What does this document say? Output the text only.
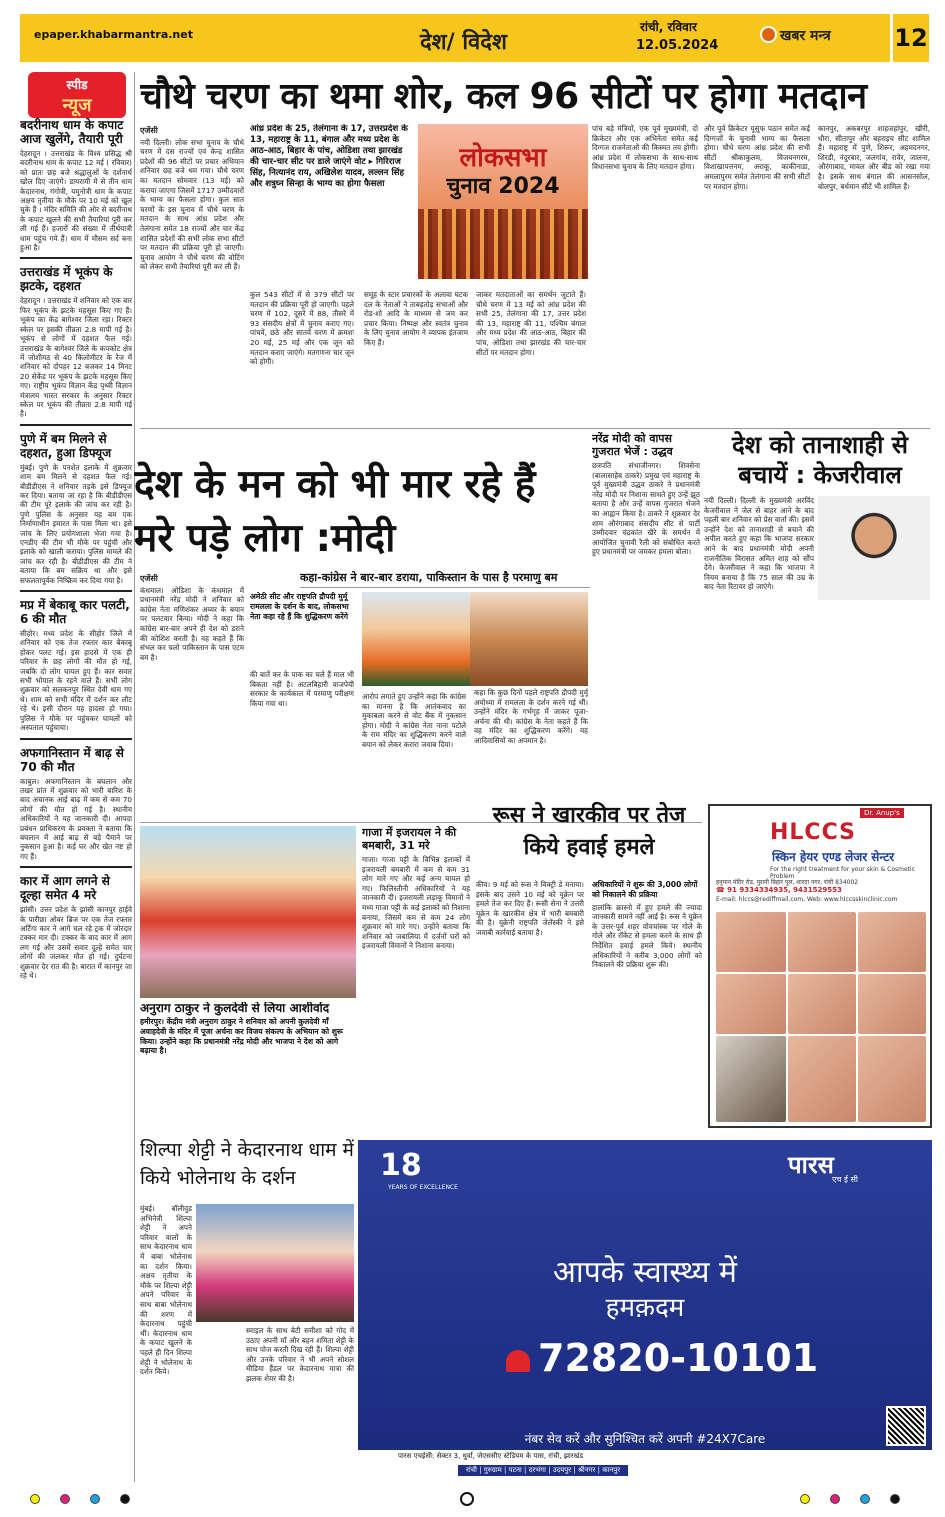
epaper.khabarmantra.net	देश/ विदेश
रांची, रविवार
12.05.2024
खबर मन्त्र	12
स्पीड
न्यूज
बदरीनाथ धाम के कपाट आज खुलेंगे, तैयारी पूरी
देहरादून । उत्तराखंड के विश्व प्रसिद्ध श्री बदरीनाथ धाम के कपाट 12 मई ( रविवार) को प्रातः छह बजे श्रद्धालुओं के दर्शनार्थ खोल दिए जाएंगे। डायरामी मे से तीन धाम केदारनाथ, गंगोत्री, यमुनोत्री धाम के कपाट अक्षय तृतीया के मौके पर 10 मई को खुल चुके हैं । मंदिर समिति की ओर से बदरीनाथ के कपाट खुलने की सभी तैयारियां पूरी कर ली गई हैं। हजारों की संख्या में तीर्थयात्री धाम पहुंच गये हैं। धाम में मौसम सर्द बना हुआ है।
उत्तराखंड में भूकंप के झटके, दहशत
देहरादून । उत्तराखंड में शनिवार को एक बार फिर भूकंप के झटके महसूस किए गए हैं। भूकंप का केंद्र बागेश्वर जिला रहा। रिक्टर स्केल पर इसकी तीव्रता 2.8 मापी गई है। भूकंप से लोगों में दहशत फैल गई। उत्तराखंड के बागेश्वर जिले के कपकोट क्षेत्र में जोशीमठ से 40 किलोमीटर के रेंज में शनिवार को दोपहर 12 बजकर 14 मिनट 20 सेकेंड पर भूकंप के झटके महसूस किए गए। राष्ट्रीय भूकंप विज्ञान केंद्र पृथ्वी विज्ञान मंत्रालय भारत सरकार के अनुसार रिक्टर स्केल पर भूकंप की तीव्रता 2.8 मापी गई है।
पुणे में बम मिलने से दहशत, हुआ डिफ्यूज
मुंबई। पुणे के पनशेत इलाके में शुक्रवार शाम बम मिलने से दहशत फैल गई। बीडीडीएस ने शनिवार तड़के इसे डिफ्यूज कर दिया। बताया जा रहा है कि बीडीडीएस की टीम पूरे इलाके की जांच कर रही है। पुणे पुलिस के अनुसार यह बम एक निर्माणाधीन इमारत के पास मिला था। इसे जांच के लिए प्रयोगशाला भेजा गया है। एनडीए की टीम भी मौके पर पहुंची और इलाके को खाली कराया। पुलिस मामले की जांच कर रही है। बीडीडीएस की टीम ने बताया कि बम सक्रिय था और इसे सफलतापूर्वक निष्क्रिय कर दिया गया है।
मप्र में बेकाबू कार पलटी, 6 की मौत
सीहोर। मध्य प्रदेश के सीहोर जिले में शनिवार को एक तेज रफ्तार कार बेकाबू होकर पलट गई। इस हादसे में एक ही परिवार के छह लोगों की मौत हो गई, जबकि दो लोग घायल हुए हैं। कार सवार सभी भोपाल के रहने वाले हैं। सभी लोग शुक्रवार को सलकनपुर स्थित देवी धाम गए थे। शाम को सभी मंदिर में दर्शन कर लौट रहे थे। इसी दौरान यह हादसा हो गया। पुलिस ने मौके पर पहुंचकर घायलों को अस्पताल पहुंचाया।
अफगानिस्तान में बाढ़ से 70 की मौत
काबुल। अफगानिस्तान के बघलान और तखर प्रांत में शुक्रवार को भारी बारिश के बाद अचानक आई बाढ़ में कम से कम 70 लोगों की मौत हो गई है। स्थानीय अधिकारियों ने यह जानकारी दी। आपदा प्रबंधन प्राधिकरण के प्रवक्ता ने बताया कि बघलान में आई बाढ़ से बड़े पैमाने पर नुकसान हुआ है। कई घर और खेत नष्ट हो गए हैं।
कार में आग लगने से दूल्हा समेत 4 मरे
झांसी। उत्तर प्रदेश के झांसी कानपुर हाईवे के पारीछा ओवर ब्रिज पर एक तेज रफ्तार अर्टिगा कार ने आगे चल रहे ट्रक में जोरदार टक्कर मार दी। टक्कर के बाद कार में आग लग गई और उसमें सवार दूल्हे समेत चार लोगों की जलकर मौत हो गई। दुर्घटना शुक्रवार देर रात की है। बारात में कानपुर जा रहे थे।
चौथे चरण का थमा शोर, कल 96 सीटों पर होगा मतदान

एजेंसी

नयी दिल्ली। लोक सभा चुनाव के चौथे चरण में दस राज्यों एवं केन्द्र शासित प्रदेशों की 96 सीटों पर प्रचार अभियान शनिवार छह बजे थम गया। चौथे चरण का मतदान सोमवार (13 मई) को कराया जाएगा जिसमें 1717 उम्मीदवारों के भाग्य का फैसला होगा। कुल सात चरणों के इस चुनाव में चौथे चरण के मतदान के साथ आंध्र प्रदेश और तेलंगाना समेत 18 राज्यों और चार केंद्र शासित प्रदेशों की सभी लोक सभा सीटों पर मतदान की प्रक्रिया पूरी हो जाएगी। चुनाव आयोग ने चौथे चरण की वोटिंग को लेकर सभी तैयारियां पूरी कर ली हैं।

आंध्र प्रदेश के 25, तेलंगाना के 17, उत्तरप्रदेश के 13, महाराष्ट्र के 11, बंगाल और मध्य प्रदेश के आठ-आठ, बिहार के पांच, ओडिशा तथा झारखंड की चार-चार सीट पर डाले जाएंगे वोट ▸ गिरिराज सिंह, नित्यानंद राय, अखिलेश यादव, लल्लन सिंह और शत्रुघ्न सिन्हा के भाग्य का होगा फैसला
लोकसभा
चुनाव 2024
कुल 543 सीटों में से 379 सीटों पर मतदान की प्रक्रिया पूरी हो जाएगी। पहले चरण में 102, दूसरे में 88, तीसरे में 93 संसदीय क्षेत्रों में चुनाव कराए गए। पांचवें, छठे और सातवें चरण में क्रमशः 20 मई, 25 मई और एक जून को मतदान कराए जाएंगे। मतगणना चार जून को होगी।
समूह के स्टार प्रचारकों के अलावा घटक दल के नेताओं ने ताबड़तोड़ सभाओं और रोड-शो आदि के माध्यम से जम कर प्रचार किया। निष्पक्ष और स्वतंत्र चुनाव के लिए चुनाव आयोग ने व्यापक इंतजाम किए हैं।
जाकर मतदाताओं का समर्थन जुटाते हैं। चौथे चरण में 13 मई को आंध्र प्रदेश की सभी 25, तेलंगाना की 17, उत्तर प्रदेश की 13, महाराष्ट्र की 11, पश्चिम बंगाल और मध्य प्रदेश की आठ-आठ, बिहार की पांच, ओडिशा तथा झारखंड की चार-चार सीटों पर मतदान होगा।
पांच बड़े मंत्रियों, एक पूर्व मुख्यमंत्री, दो क्रिकेटर और एक अभिनेता समेत कई दिग्गज राजनेताओं की किस्मत तय होगी। आंध्र प्रदेश में लोकसभा के साथ-साथ विधानसभा चुनाव के लिए मतदान होगा।
और पूर्व क्रिकेटर यूसुफ पठान समेत कई दिग्गजों के चुनावी भाग्य का फैसला होगा। चौथे चरण आंध्र प्रदेश की सभी सीटों श्रीकाकुलम, विजयनगरम, विशाखापत्तनम, अराकू, काकीनाडा, अमलापुरम समेत तेलंगाना की सभी सीटों पर मतदान होगा।
कानपुर, अकबरपुर शाहजहांपुर, खीरी, धौरा, सीतापुर और बहराइच सीट शामिल हैं। महाराष्ट्र में पुणे, शिरूर, अहमदनगर, शिरडी, नंदुरबार, जलगांव, रावेर, जालना, औरंगाबाद, मावल और बीड को रखा गया है। इसके साथ बंगाल की आसनसोल, बोलपुर, बर्धमान सीटें भी शामिल हैं।
देश के मन को भी मार रहे हैं मरे पड़े लोग :मोदी
कहा-कांग्रेस ने बार-बार डराया, पाकिस्तान के पास है परमाणु बम

एजेंसी

कंधमाल। ओडिशा के कंधमाल में प्रधानमंत्री नरेंद्र मोदी ने शनिवार को कांग्रेस नेता मणिशंकर अय्यर के बयान पर पलटवार किया। मोदी ने कहा कि कांग्रेस बार-बार अपने ही देश को डराने की कोशिश करती है। वह कहते हैं कि संभल कर चलो पाकिस्तान के पास एटम बम है।

अमेठी सीट और राष्ट्रपति द्रौपदी मुर्मू रामलला के दर्शन के बाद, लोकसभा नेता कहा रहे हैं कि शुद्धिकरण करेंगे
की बातें कर के पाक का चले हैं माल भी बिकता नहीं है। अटलबिहारी वाजपेयी सरकार के कार्यकाल में परमाणु परीक्षण किया गया था।
आरोप लगाते हुए उन्होंने कहा कि कांग्रेस का मानना है कि आतंकवाद का मुकाबला करने से वोट बैंक में नुकसान होगा। मोदी ने कांग्रेस नेता नाना पटोले के राम मंदिर का शुद्धिकरण करने वाले बयान को लेकर करारा जवाब दिया।
कहा कि कुछ दिनों पहले राष्ट्रपति द्रौपदी मुर्मू अयोध्या में रामलला के दर्शन करने गई थीं। उन्होंने मंदिर के गर्भगृह में जाकर पूजा-अर्चना की थी। कांग्रेस के नेता कहते हैं कि वह मंदिर का शुद्धिकरण करेंगे। यह आदिवासियों का अपमान है।
नरेंद्र मोदी को वापस गुजरात भेजें : उद्धव
छत्रपति संभाजीनगर। शिवसेना (बालासाहेब ठाकरे) प्रमुख एवं महाराष्ट्र के पूर्व मुख्यमंत्री उद्धव ठाकरे ने प्रधानमंत्री नरेंद्र मोदी पर निशाना साधते हुए उन्हें झूठ बताया है और उन्हें वापस गुजरात भेजने का आह्वान किया है। ठाकरे ने शुक्रवार देर शाम औरंगाबाद संसदीय सीट से पार्टी उम्मीदवार चंद्रकांत खैरे के समर्थन में आयोजित चुनावी रैली को संबोधित करते हुए प्रधानमंत्री पर जमकर हमला बोला।
देश को तानाशाही से बचायें : केजरीवाल
नयी दिल्ली। दिल्ली के मुख्यमंत्री अरविंद केजरीवाल ने जेल से बाहर आने के बाद पहली बार शनिवार को प्रेस वार्ता की। इसमें उन्होंने देश को तानाशाही से बचाने की अपील करते हुए कहा कि भाजपा सरकार आने के बाद प्रधानमंत्री मोदी अपनी राजनीतिक विरासत अमित शाह को सौंप देंगे। केजरीवाल ने कहा कि भाजपा ने नियम बनाया है कि 75 साल की उम्र के बाद नेता रिटायर हो जाएंगे।
अनुराग ठाकुर ने कुलदेवी से लिया आशीर्वाद
हमीरपुर। केंद्रीय मंत्री अनुराग ठाकुर ने शनिवार को अपनी कुलदेवी माँ अवाहदेवी के मंदिर में पूजा अर्चना कर विजय संकल्प के अभियान को शुरू किया। उन्होंने कहा कि प्रधानमंत्री नरेंद्र मोदी और भाजपा ने देश को आगे बढ़ाया है।
गाजा में इजरायल ने की बमबारी, 31 मरे
गाजा। गाजा पट्टी के विभिन्न इलाकों में इजरायली बमबारी में कम से कम 31 लोग मारे गए और कई अन्य घायल हो गए। फिलिस्तीनी अधिकारियों ने यह जानकारी दी। इजरायली लड़ाकू विमानों ने मध्य गाजा पट्टी के कई इलाकों को निशाना बनाया, जिसमें कम से कम 24 लोग शुक्रवार को मारे गए। उन्होंने बताया कि शनिवार को जबालिया में दर्जनों घरों को इजरायली विमानों ने निशाना बनाया।
रूस ने खारकीव पर तेज किये हवाई हमले
कीव। 9 मई को रूस ने विक्ट्री डे मनाया। इसके बाद उसने 10 मई को यूक्रेन पर हमले तेज कर दिए हैं। रूसी सेना ने उत्तरी यूक्रेन के खारकीव क्षेत्र में भारी बमबारी की है। यूक्रेनी राष्ट्रपति जेलेंस्की ने इसे जवाबी कार्रवाई बताया है।
अधिकारियों ने शुरू की 3,000 लोगों को निकालने की प्रक्रिया
हालांकि क्रास्नो में हुए हमले की ज्यादा जानकारी सामने नहीं आई है। रूस ने यूक्रेन के उत्तर-पूर्व शहर वोवचांस्क पर गोले के गोले और रॉकेट से हमला करने के साथ ही निर्देशित हवाई हमले किये। स्थानीय अधिकारियों ने करीब 3,000 लोगों को निकालने की प्रक्रिया शुरू की।
Dr. Anup's
HLCCS
स्किन हेयर एण्ड लेजर सेन्टर
For the right treatment for your skin & Cosmetic Problem
हनुमान मंदिर रोड, पुरानी बिहार पुल, शारदा नगर, रांची 834002
☎ 91 9334334935, 9431529553
E-mail: hlccs@rediffmail.com, Web: www.hlccsskinclinic.com
शिल्पा शेट्टी ने केदारनाथ धाम में किये भोलेनाथ के दर्शन
मुंबई। बॉलीवुड अभिनेत्री शिल्पा शेट्टी ने अपने परिवार वालों के साथ केदारनाथ धाम में बाबा भोलेनाथ का दर्शन किया। अक्षय तृतीया के मौके पर शिल्पा शेट्टी अपने परिवार के साथ बाबा भोलेनाथ की शरण में केदारनाथ पहुंची थीं। केदारनाथ धाम के कपाट खुलने के पहले ही दिन शिल्पा शेट्टी ने भोलेनाथ के दर्शन किये।
स्माइल के साथ बेटी समीशा को गोद में उठाए अपनी माँ और बहन शमिता शेट्टी के साथ पोज करती दिख रही हैं। शिल्पा शेट्टी और उनके परिवार ने भी अपने सोशल मीडिया हैंडल पर केदारनाथ यात्रा की झलक शेयर की है।
18
YEARS OF EXCELLENCE
पारस
एच ई सी
आपके स्वास्थ्य में
हमक़दम
72820-10101
नंबर सेव करें और सुनिश्चित करें अपनी #24X7Care
पारस एचईसी: सेक्टर 3, धुर्वा, जेएससीए स्टेडियम के पास, रांची, झारखंड
रांची | गुरुग्राम | पटना | दरभंगा | उदयपुर | श्रीनगर | कानपुर
